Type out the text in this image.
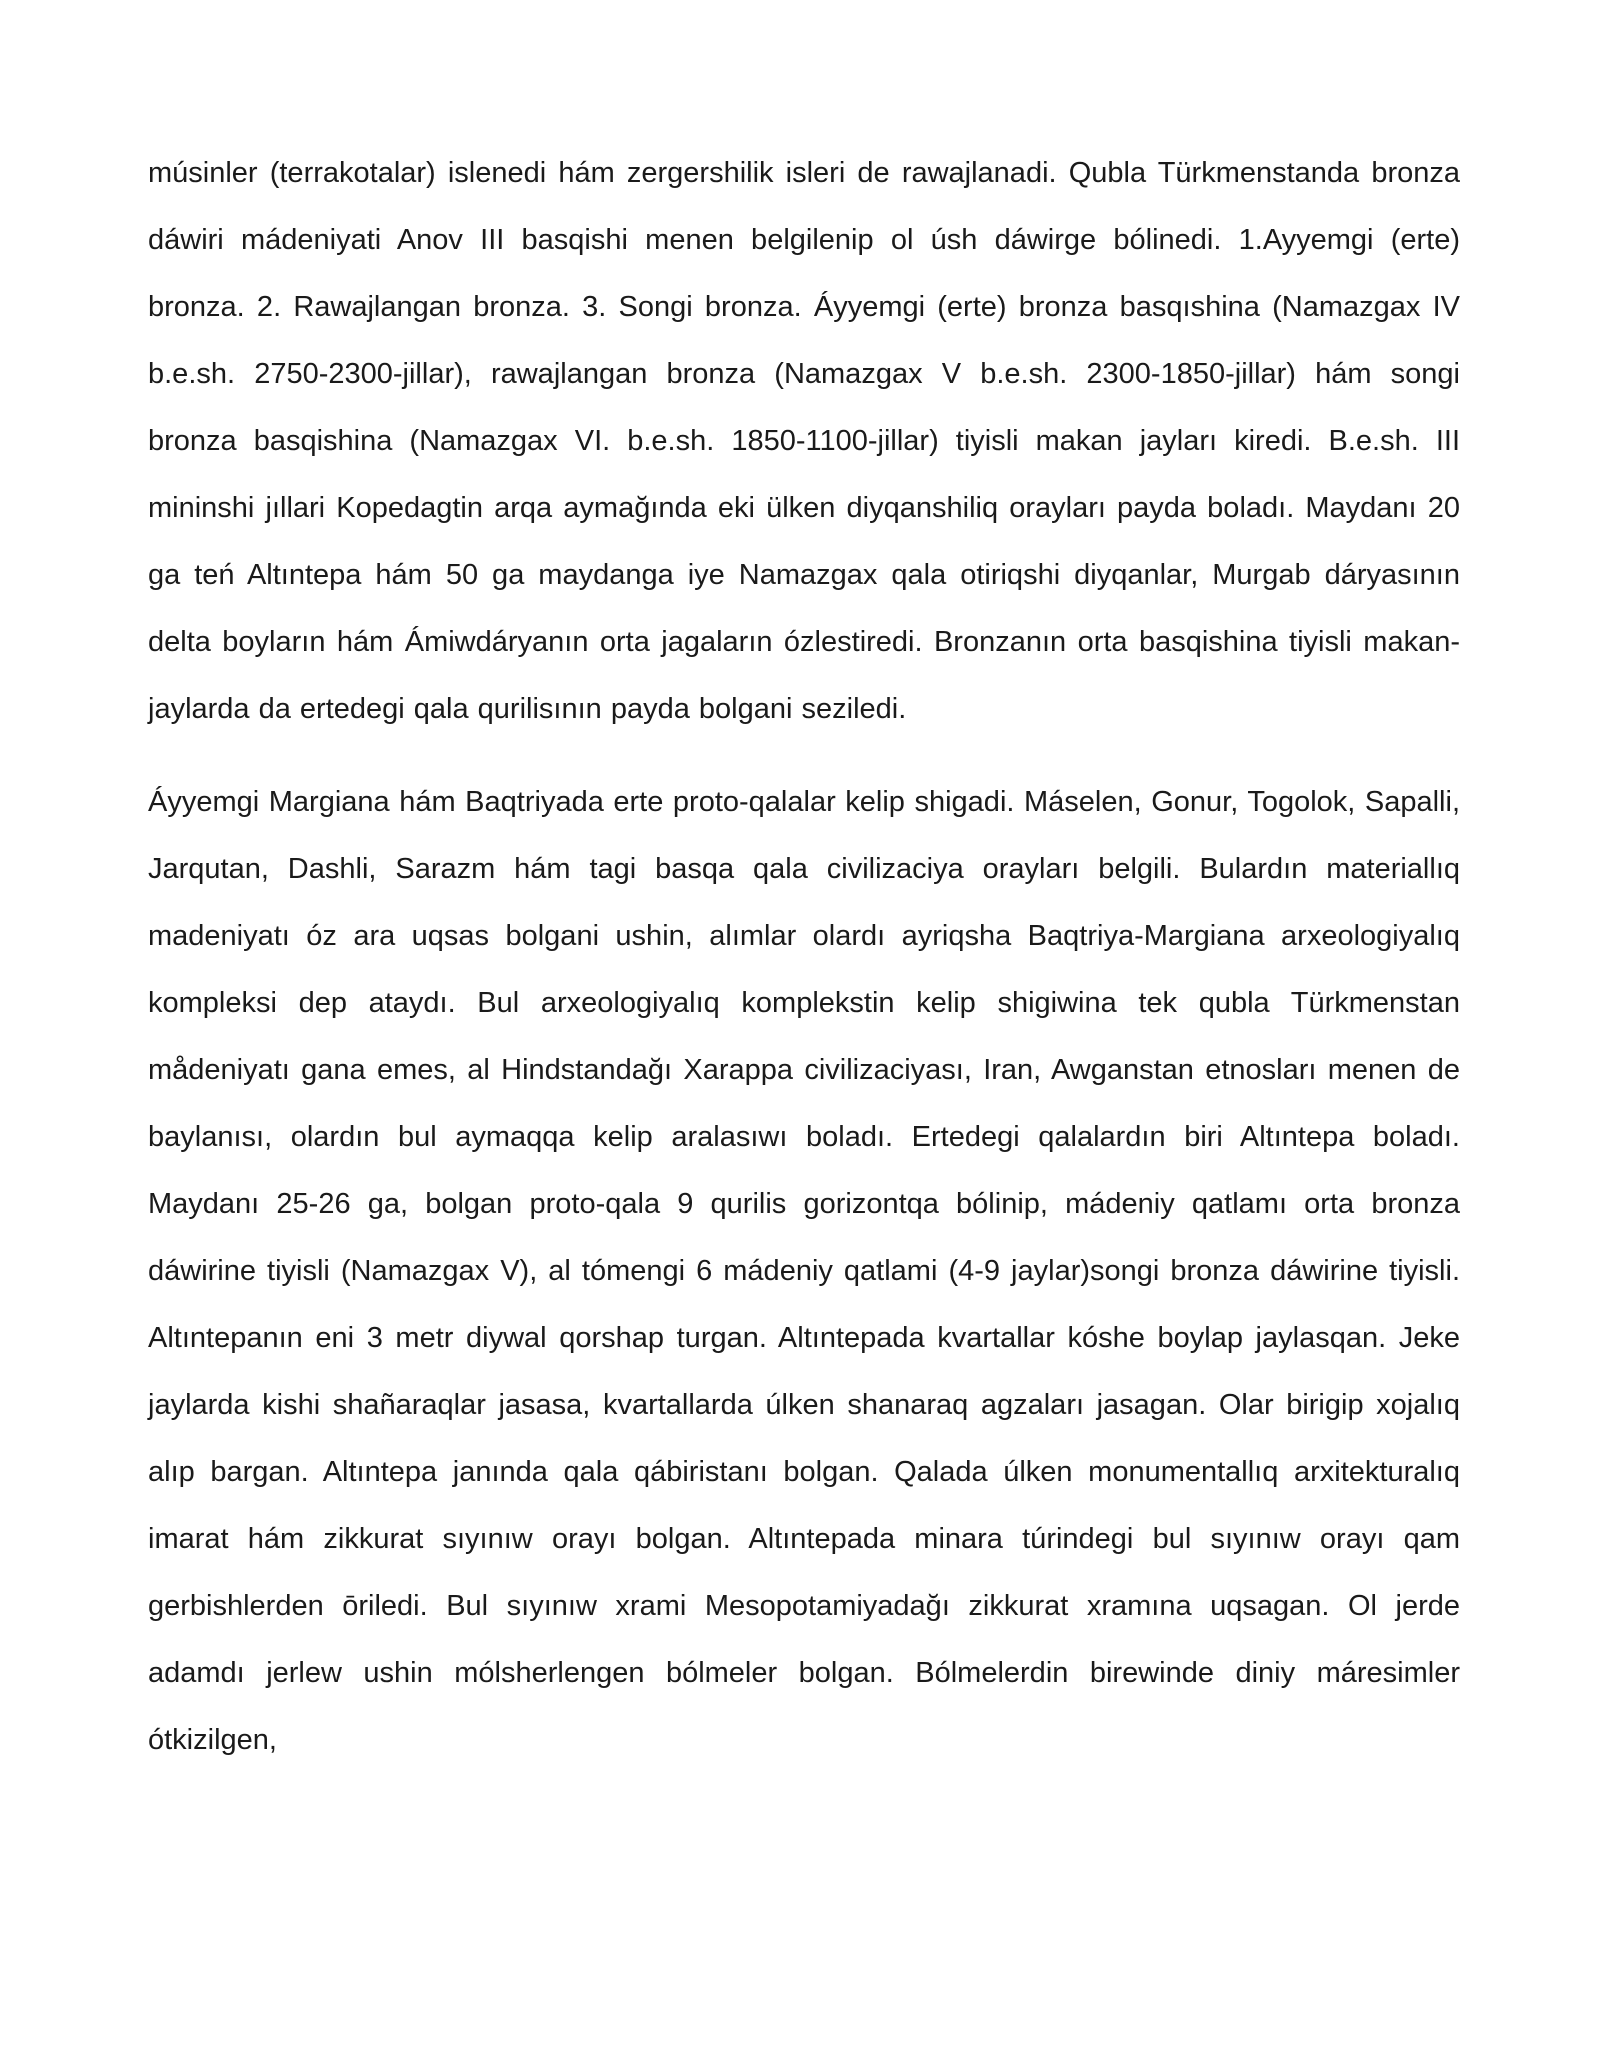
músinler (terrakotalar) islenedi hám zergershilik isleri de rawajlanadi. Qubla Türkmenstanda bronza dáwiri mádeniyati Anov III basqishi menen belgilenip ol úsh dáwirge bólinedi. 1.Ayyemgi (erte) bronza. 2. Rawajlangan bronza. 3. Songi bronza. Áyyemgi (erte) bronza basqıshina (Namazgax IV b.e.sh. 2750-2300-jillar), rawajlangan bronza (Namazgax V b.e.sh. 2300-1850-jillar) hám songi bronza basqishina (Namazgax VI. b.e.sh. 1850-1100-jillar) tiyisli makan jayları kiredi. B.e.sh. III mininshi jıllari Kopedagtin arqa aymağında eki ülken diyqanshiliq orayları payda boladı. Maydanı 20 ga teń Altıntepa hám 50 ga maydanga iye Namazgax qala otiriqshi diyqanlar, Murgab dáryasının delta boyların hám Ámiwdáryanın orta jagaların ózlestiredi. Bronzanın orta basqishina tiyisli makan- jaylarda da ertedegi qala qurilisının payda bolgani seziledi.

Áyyemgi Margiana hám Baqtriyada erte proto-qalalar kelip shigadi. Máselen, Gonur, Togolok, Sapalli, Jarqutan, Dashli, Sarazm hám tagi basqa qala civilizaciya orayları belgili. Bulardın materiallıq madeniyatı óz ara uqsas bolgani ushin, alımlar olardı ayriqsha Baqtriya-Margiana arxeologiyalıq kompleksi dep ataydı. Bul arxeologiyalıq komplekstin kelip shigiwina tek qubla Türkmenstan mådeniyatı gana emes, al Hindstandağı Xarappa civilizaciyası, Iran, Awganstan etnosları menen de baylanısı, olardın bul aymaqqa kelip aralasıwı boladı. Ertedegi qalalardın biri Altıntepa boladı. Maydanı 25-26 ga, bolgan proto-qala 9 qurilis gorizontqa bólinip, mádeniy qatlamı orta bronza dáwirine tiyisli (Namazgax V), al tómengi 6 mádeniy qatlami (4-9 jaylar)songi bronza dáwirine tiyisli. Altıntepanın eni 3 metr diywal qorshap turgan. Altıntepada kvartallar kóshe boylap jaylasqan. Jeke jaylarda kishi shañaraqlar jasasa, kvartallarda úlken shanaraq agzaları jasagan. Olar birigip xojalıq alıp bargan. Altıntepa janında qala qábiristanı bolgan. Qalada úlken monumentallıq arxitekturalıq imarat hám zikkurat sıyınıw orayı bolgan. Altıntepada minara túrindegi bul sıyınıw orayı qam gerbishlerden ōriledi. Bul sıyınıw xrami Mesopotamiyadağı zikkurat xramına uqsagan. Ol jerde adamdı jerlew ushin mólsherlengen bólmeler bolgan. Bólmelerdin birewinde diniy máresimler ótkizilgen,
